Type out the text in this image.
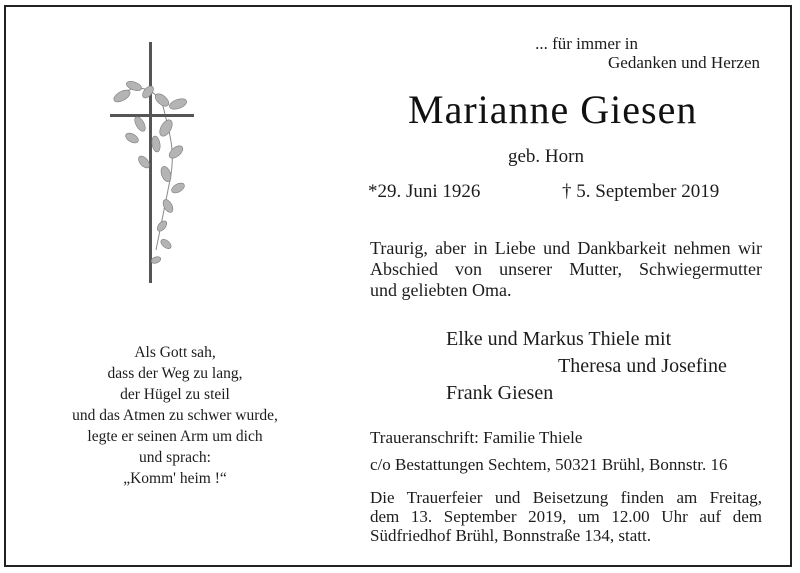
... für immer in
Gedanken und Herzen
Marianne Giesen
geb. Horn
*29. Juni 1926	† 5. September 2019
Traurig, aber in Liebe und Dankbarkeit nehmen wir
Abschied von unserer Mutter, Schwiegermutter
und geliebten Oma.
Elke und Markus Thiele mit
Theresa und Josefine
Frank Giesen
Traueranschrift: Familie Thiele
c/o Bestattungen Sechtem, 50321 Brühl, Bonnstr. 16
Die Trauerfeier und Beisetzung finden am Freitag,
dem 13. September 2019, um 12.00 Uhr auf dem
Südfriedhof Brühl, Bonnstraße 134, statt.
Als Gott sah,
dass der Weg zu lang,
der Hügel zu steil
und das Atmen zu schwer wurde,
legte er seinen Arm um dich
und sprach:
„Komm' heim !“
